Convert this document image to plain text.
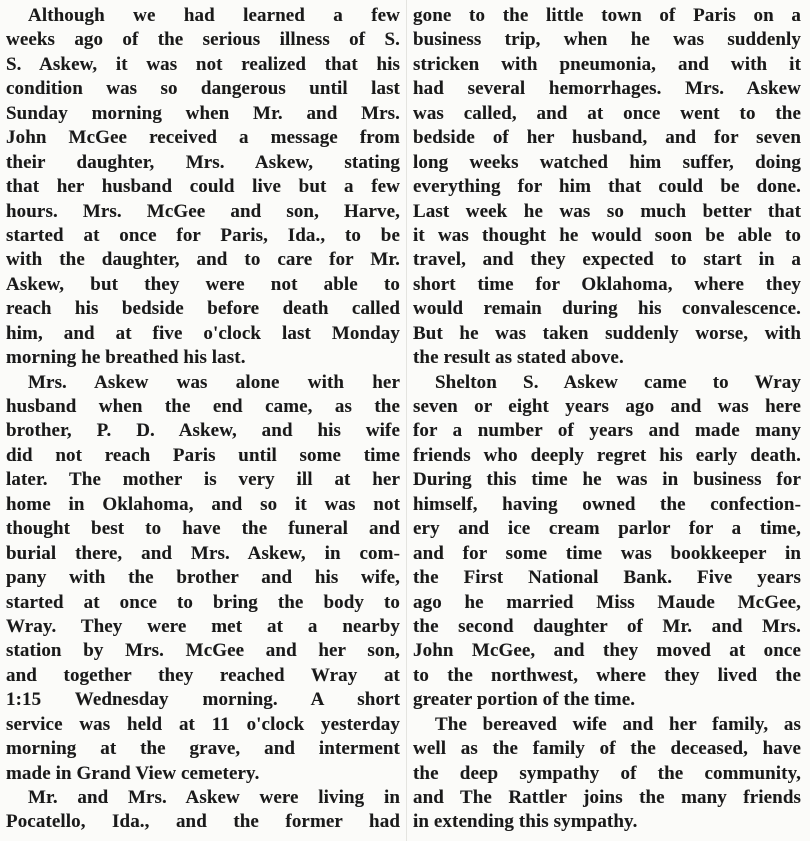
Although we had learned a few
weeks ago of the serious illness of S.
S. Askew, it was not realized that his
condition was so dangerous until last
Sunday morning when Mr. and Mrs.
John McGee received a message from
their daughter, Mrs. Askew, stating
that her husband could live but a few
hours. Mrs. McGee and son, Harve,
started at once for Paris, Ida., to be
with the daughter, and to care for Mr.
Askew, but they were not able to
reach his bedside before death called
him, and at five o'clock last Monday
morning he breathed his last.
Mrs. Askew was alone with her
husband when the end came, as the
brother, P. D. Askew, and his wife
did not reach Paris until some time
later. The mother is very ill at her
home in Oklahoma, and so it was not
thought best to have the funeral and
burial there, and Mrs. Askew, in com-
pany with the brother and his wife,
started at once to bring the body to
Wray. They were met at a nearby
station by Mrs. McGee and her son,
and together they reached Wray at
1:15 Wednesday morning. A short
service was held at 11 o'clock yesterday
morning at the grave, and interment
made in Grand View cemetery.
Mr. and Mrs. Askew were living in
Pocatello, Ida., and the former had
gone to the little town of Paris on a
business trip, when he was suddenly
stricken with pneumonia, and with it
had several hemorrhages. Mrs. Askew
was called, and at once went to the
bedside of her husband, and for seven
long weeks watched him suffer, doing
everything for him that could be done.
Last week he was so much better that
it was thought he would soon be able to
travel, and they expected to start in a
short time for Oklahoma, where they
would remain during his convalescence.
But he was taken suddenly worse, with
the result as stated above.
Shelton S. Askew came to Wray
seven or eight years ago and was here
for a number of years and made many
friends who deeply regret his early death.
During this time he was in business for
himself, having owned the confection-
ery and ice cream parlor for a time,
and for some time was bookkeeper in
the First National Bank. Five years
ago he married Miss Maude McGee,
the second daughter of Mr. and Mrs.
John McGee, and they moved at once
to the northwest, where they lived the
greater portion of the time.
The bereaved wife and her family, as
well as the family of the deceased, have
the deep sympathy of the community,
and The Rattler joins the many friends
in extending this sympathy.
